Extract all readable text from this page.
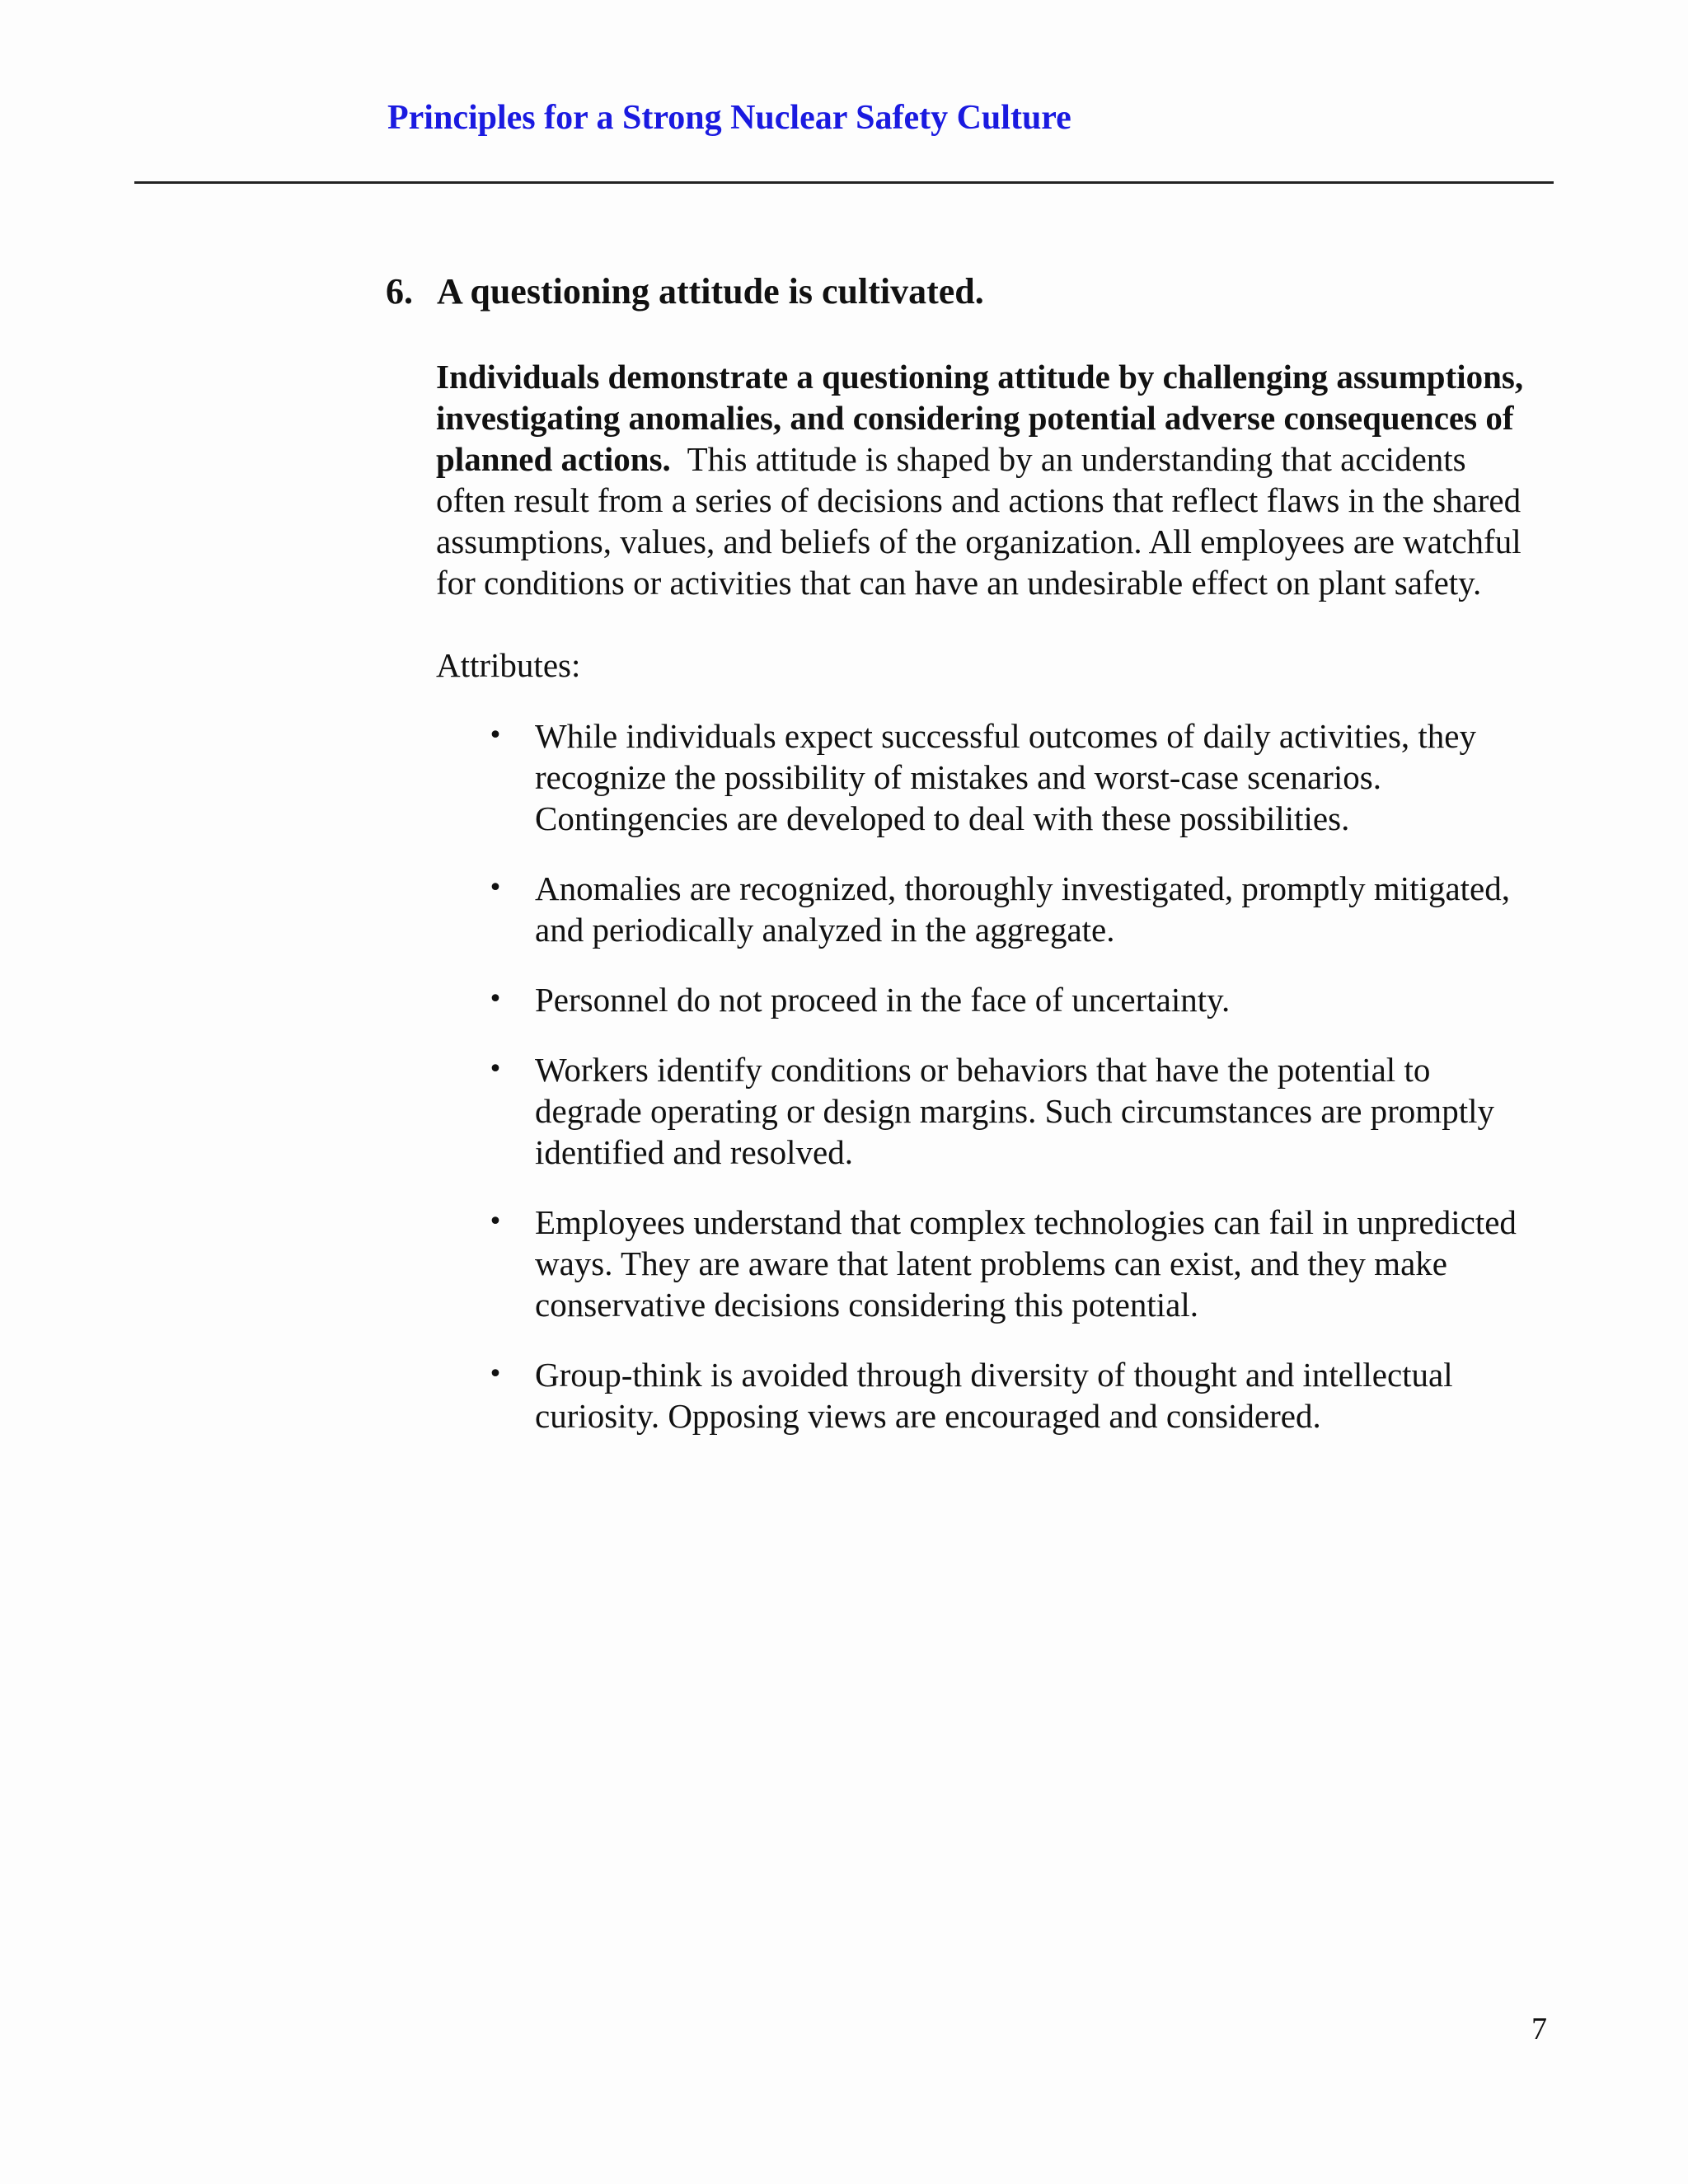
Principles for a Strong Nuclear Safety Culture
6. A questioning attitude is cultivated.

Individuals demonstrate a questioning attitude by challenging assumptions, investigating anomalies, and considering potential adverse consequences of planned actions. This attitude is shaped by an understanding that accidents often result from a series of decisions and actions that reflect flaws in the shared assumptions, values, and beliefs of the organization. All employees are watchful for conditions or activities that can have an undesirable effect on plant safety.

Attributes:

• While individuals expect successful outcomes of daily activities, they recognize the possibility of mistakes and worst-case scenarios. Contingencies are developed to deal with these possibilities.
• Anomalies are recognized, thoroughly investigated, promptly mitigated, and periodically analyzed in the aggregate.
• Personnel do not proceed in the face of uncertainty.
• Workers identify conditions or behaviors that have the potential to degrade operating or design margins. Such circumstances are promptly identified and resolved.
• Employees understand that complex technologies can fail in unpredicted ways. They are aware that latent problems can exist, and they make conservative decisions considering this potential.
• Group-think is avoided through diversity of thought and intellectual curiosity. Opposing views are encouraged and considered.
7
